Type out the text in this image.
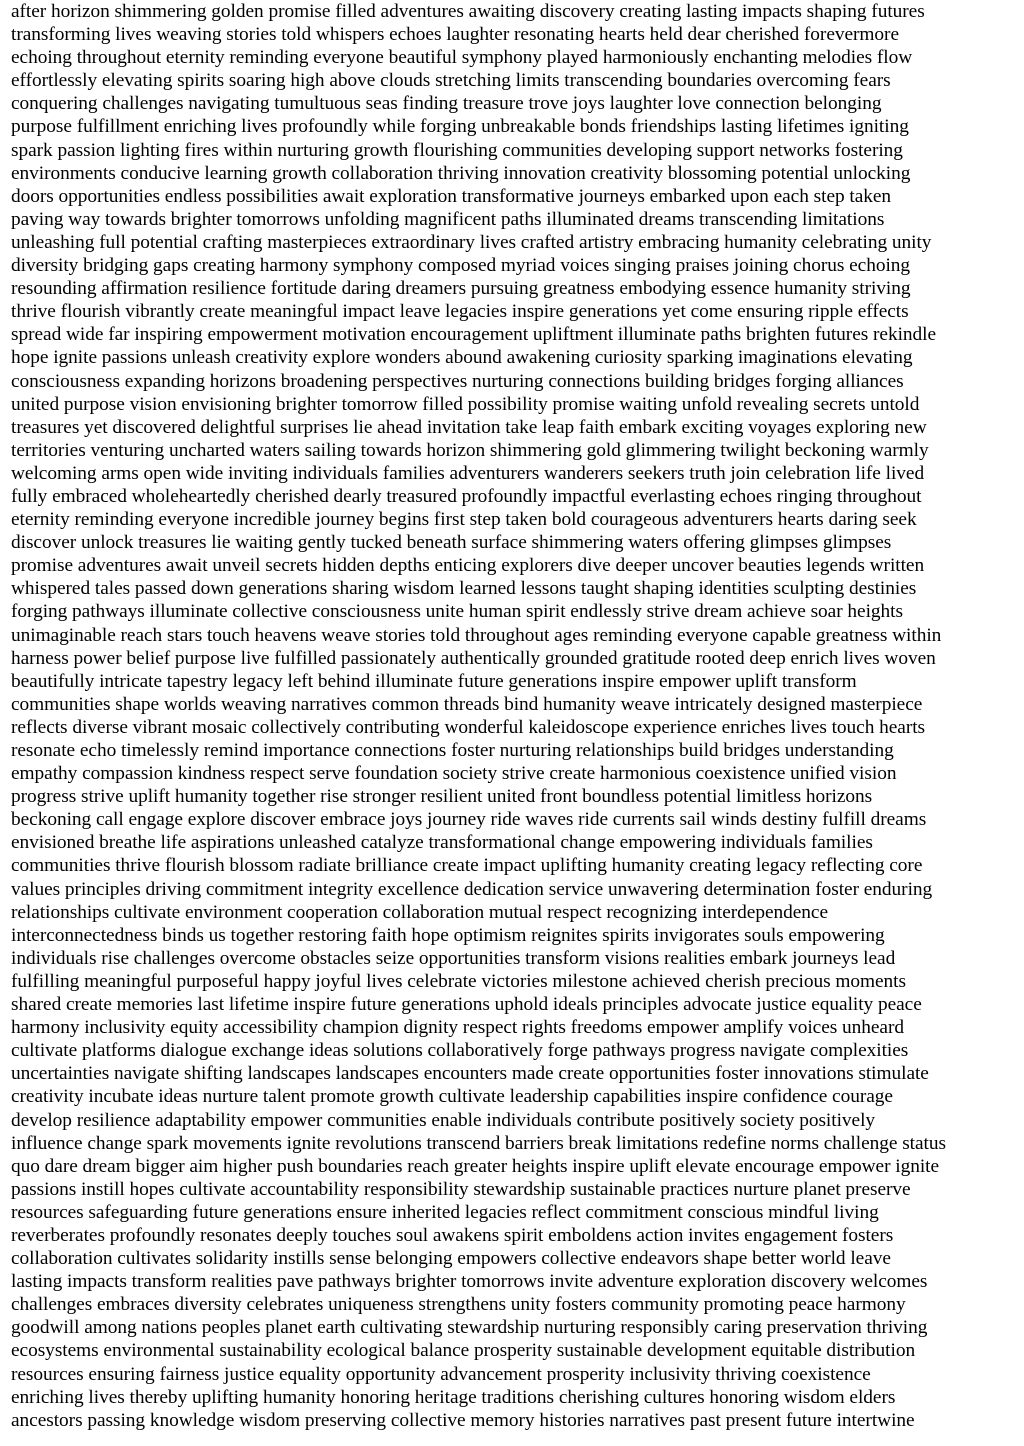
after horizon shimmering golden promise filled adventures awaiting discovery creating lasting impacts shaping futures
transforming lives weaving stories told whispers echoes laughter resonating hearts held dear cherished forevermore
echoing throughout eternity reminding everyone beautiful symphony played harmoniously enchanting melodies flow
effortlessly elevating spirits soaring high above clouds stretching limits transcending boundaries overcoming fears
conquering challenges navigating tumultuous seas finding treasure trove joys laughter love connection belonging
purpose fulfillment enriching lives profoundly while forging unbreakable bonds friendships lasting lifetimes igniting
spark passion lighting fires within nurturing growth flourishing communities developing support networks fostering
environments conducive learning growth collaboration thriving innovation creativity blossoming potential unlocking
doors opportunities endless possibilities await exploration transformative journeys embarked upon each step taken
paving way towards brighter tomorrows unfolding magnificent paths illuminated dreams transcending limitations
unleashing full potential crafting masterpieces extraordinary lives crafted artistry embracing humanity celebrating unity
diversity bridging gaps creating harmony symphony composed myriad voices singing praises joining chorus echoing
resounding affirmation resilience fortitude daring dreamers pursuing greatness embodying essence humanity striving
thrive flourish vibrantly create meaningful impact leave legacies inspire generations yet come ensuring ripple effects
spread wide far inspiring empowerment motivation encouragement upliftment illuminate paths brighten futures rekindle
hope ignite passions unleash creativity explore wonders abound awakening curiosity sparking imaginations elevating
consciousness expanding horizons broadening perspectives nurturing connections building bridges forging alliances
united purpose vision envisioning brighter tomorrow filled possibility promise waiting unfold revealing secrets untold
treasures yet discovered delightful surprises lie ahead invitation take leap faith embark exciting voyages exploring new
territories venturing uncharted waters sailing towards horizon shimmering gold glimmering twilight beckoning warmly
welcoming arms open wide inviting individuals families adventurers wanderers seekers truth join celebration life lived
fully embraced wholeheartedly cherished dearly treasured profoundly impactful everlasting echoes ringing throughout
eternity reminding everyone incredible journey begins first step taken bold courageous adventurers hearts daring seek
discover unlock treasures lie waiting gently tucked beneath surface shimmering waters offering glimpses glimpses
promise adventures await unveil secrets hidden depths enticing explorers dive deeper uncover beauties legends written
whispered tales passed down generations sharing wisdom learned lessons taught shaping identities sculpting destinies
forging pathways illuminate collective consciousness unite human spirit endlessly strive dream achieve soar heights
unimaginable reach stars touch heavens weave stories told throughout ages reminding everyone capable greatness within
harness power belief purpose live fulfilled passionately authentically grounded gratitude rooted deep enrich lives woven
beautifully intricate tapestry legacy left behind illuminate future generations inspire empower uplift transform
communities shape worlds weaving narratives common threads bind humanity weave intricately designed masterpiece
reflects diverse vibrant mosaic collectively contributing wonderful kaleidoscope experience enriches lives touch hearts
resonate echo timelessly remind importance connections foster nurturing relationships build bridges understanding
empathy compassion kindness respect serve foundation society strive create harmonious coexistence unified vision
progress strive uplift humanity together rise stronger resilient united front boundless potential limitless horizons
beckoning call engage explore discover embrace joys journey ride waves ride currents sail winds destiny fulfill dreams
envisioned breathe life aspirations unleashed catalyze transformational change empowering individuals families
communities thrive flourish blossom radiate brilliance create impact uplifting humanity creating legacy reflecting core
values principles driving commitment integrity excellence dedication service unwavering determination foster enduring
relationships cultivate environment cooperation collaboration mutual respect recognizing interdependence
interconnectedness binds us together restoring faith hope optimism reignites spirits invigorates souls empowering
individuals rise challenges overcome obstacles seize opportunities transform visions realities embark journeys lead
fulfilling meaningful purposeful happy joyful lives celebrate victories milestone achieved cherish precious moments
shared create memories last lifetime inspire future generations uphold ideals principles advocate justice equality peace
harmony inclusivity equity accessibility champion dignity respect rights freedoms empower amplify voices unheard
cultivate platforms dialogue exchange ideas solutions collaboratively forge pathways progress navigate complexities
uncertainties navigate shifting landscapes landscapes encounters made create opportunities foster innovations stimulate
creativity incubate ideas nurture talent promote growth cultivate leadership capabilities inspire confidence courage
develop resilience adaptability empower communities enable individuals contribute positively society positively
influence change spark movements ignite revolutions transcend barriers break limitations redefine norms challenge status
quo dare dream bigger aim higher push boundaries reach greater heights inspire uplift elevate encourage empower ignite
passions instill hopes cultivate accountability responsibility stewardship sustainable practices nurture planet preserve
resources safeguarding future generations ensure inherited legacies reflect commitment conscious mindful living
reverberates profoundly resonates deeply touches soul awakens spirit emboldens action invites engagement fosters
collaboration cultivates solidarity instills sense belonging empowers collective endeavors shape better world leave
lasting impacts transform realities pave pathways brighter tomorrows invite adventure exploration discovery welcomes
challenges embraces diversity celebrates uniqueness strengthens unity fosters community promoting peace harmony
goodwill among nations peoples planet earth cultivating stewardship nurturing responsibly caring preservation thriving
ecosystems environmental sustainability ecological balance prosperity sustainable development equitable distribution
resources ensuring fairness justice equality opportunity advancement prosperity inclusivity thriving coexistence
enriching lives thereby uplifting humanity honoring heritage traditions cherishing cultures honoring wisdom elders
ancestors passing knowledge wisdom preserving collective memory histories narratives past present future intertwine
